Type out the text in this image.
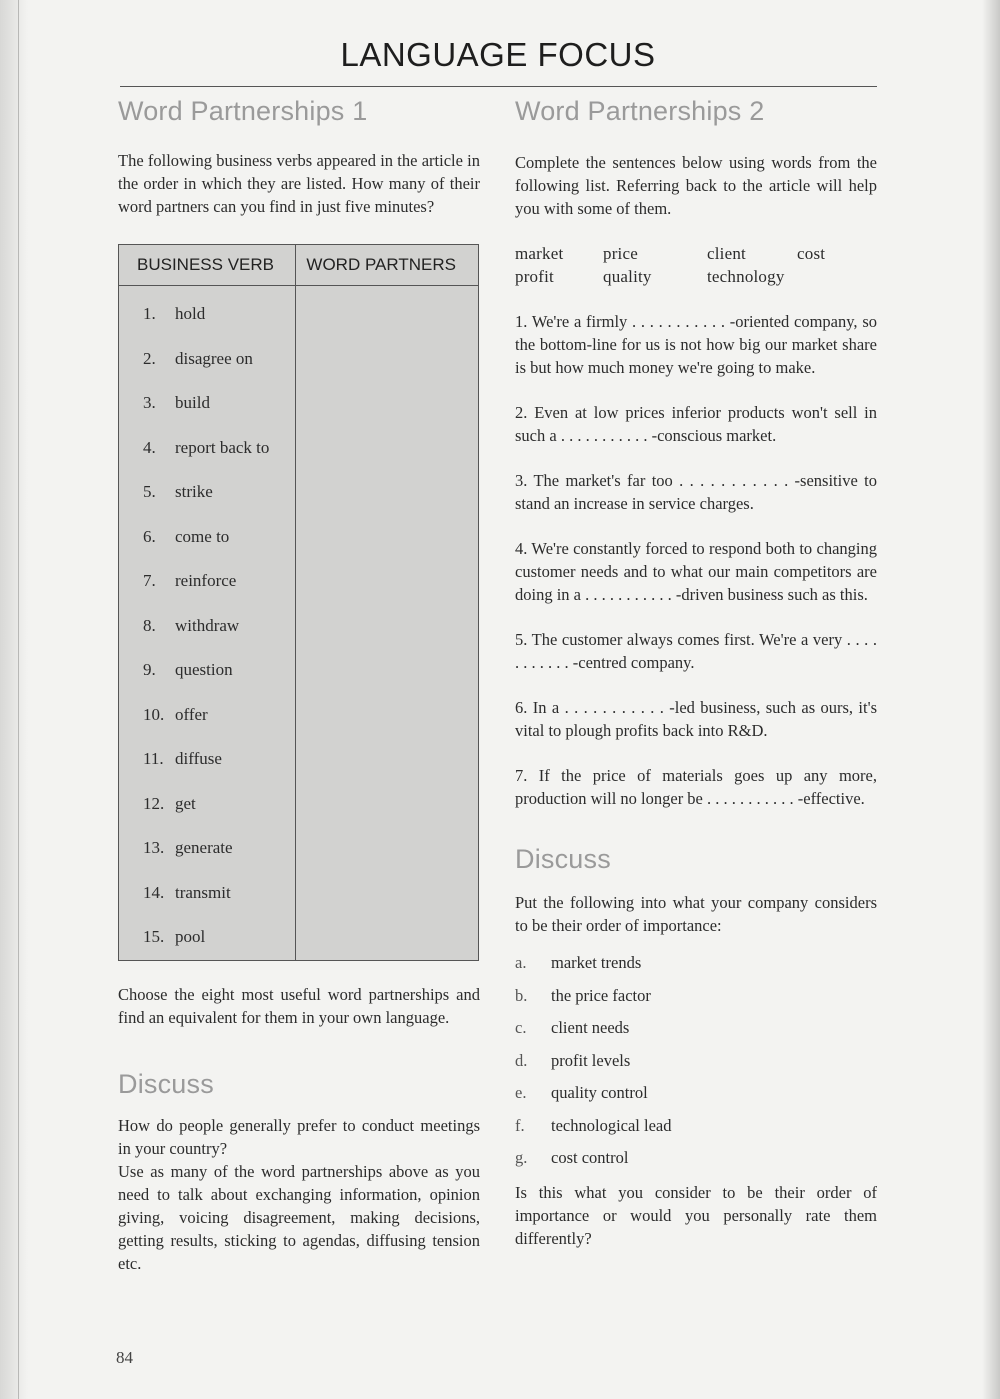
LANGUAGE FOCUS
Word Partnerships 1

The following business verbs appeared in the article in the order in which they are listed. How many of their word partners can you find in just five minutes?

BUSINESS VERB	WORD PARTNERS
1. hold	
2. disagree on	
3. build	
4. report back to	
5. strike	
6. come to	
7. reinforce	
8. withdraw	
9. question	
10. offer	
11. diffuse	
12. get	
13. generate	
14. transmit	
15. pool	

Choose the eight most useful word partnerships and find an equivalent for them in your own language.

Discuss

How do people generally prefer to conduct meetings in your country?

Use as many of the word partnerships above as you need to talk about exchanging information, opinion giving, voicing disagreement, making decisions, getting results, sticking to agendas, diffusing tension etc.

Word Partnerships 2

Complete the sentences below using words from the following list. Referring back to the article will help you with some of them.

market	price	client	cost
profit	quality	technology

1. We're a firmly . . . . . . . . . . . -oriented company, so the bottom-line for us is not how big our market share is but how much money we're going to make.

2. Even at low prices inferior products won't sell in such a . . . . . . . . . . . -conscious market.

3. The market's far too . . . . . . . . . . . -sensitive to stand an increase in service charges.

4. We're constantly forced to respond both to changing customer needs and to what our main competitors are doing in a . . . . . . . . . . . -driven business such as this.

5. The customer always comes first. We're a very . . . . . . . . . . . -centred company.

6. In a . . . . . . . . . . . -led business, such as ours, it's vital to plough profits back into R&D.

7. If the price of materials goes up any more, production will no longer be . . . . . . . . . . . -effective.

Discuss

Put the following into what your company considers to be their order of importance:

a.	market trends
b.	the price factor
c.	client needs
d.	profit levels
e.	quality control
f.	technological lead
g.	cost control

Is this what you consider to be their order of importance or would you personally rate them differently?

84
